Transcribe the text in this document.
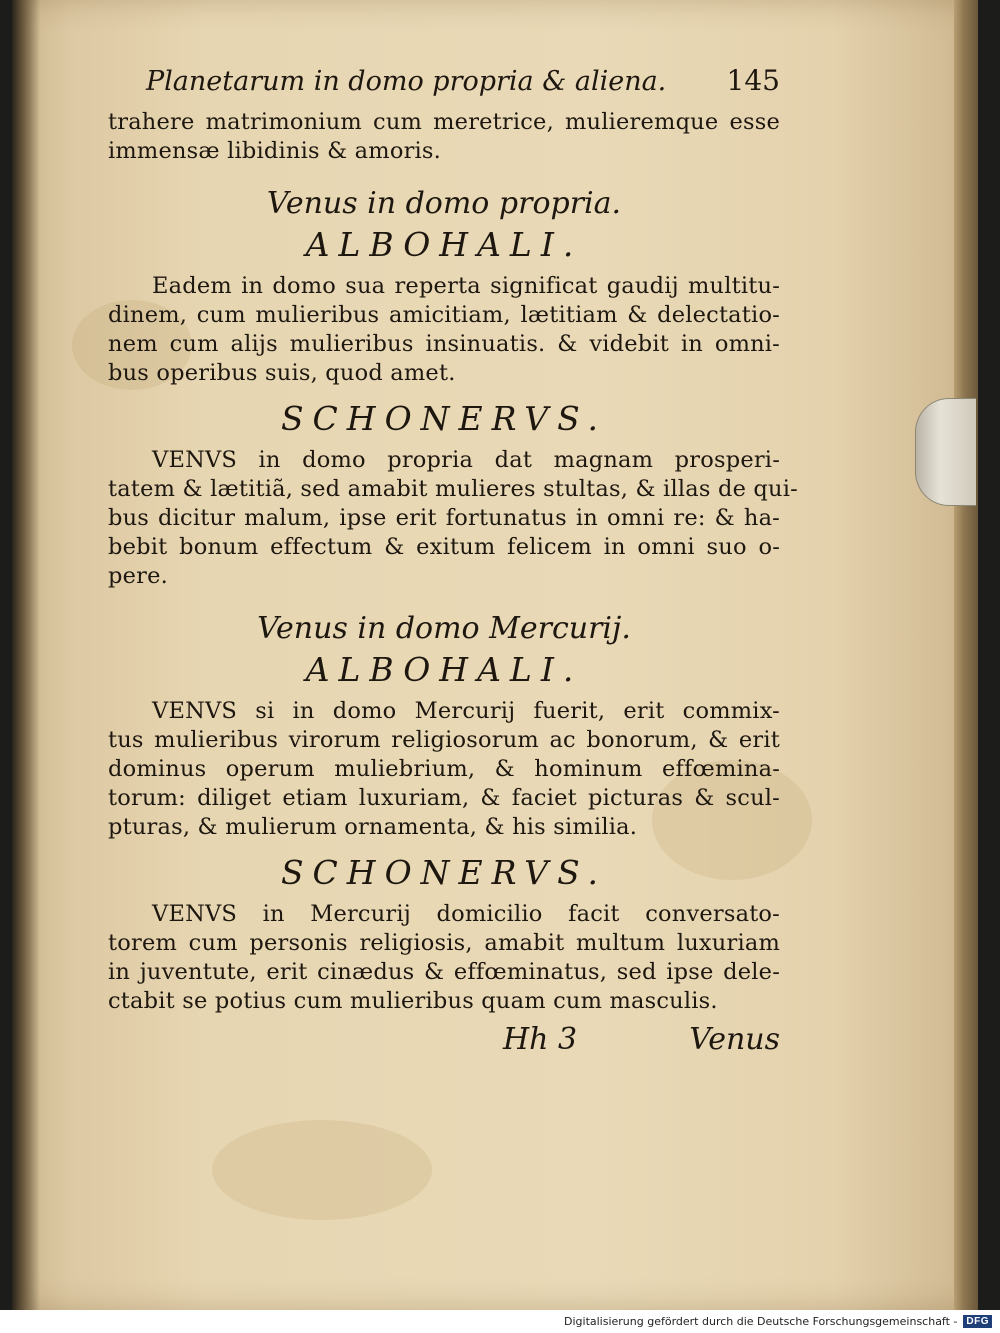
Planetarum in domo propria & aliena. 145
trahere matrimonium cum meretrice, mulieremque esse
immensæ libidinis & amoris.
Venus in domo propria.
ALBOHALI.
Eadem in domo sua reperta significat gaudij multitu-
dinem, cum mulieribus amicitiam, lætitiam & delectatio-
nem cum alijs mulieribus insinuatis. & videbit in omni-
bus operibus suis, quod amet.
SCHONERVS.
VENVS in domo propria dat magnam prosperi-
tatem & lætitiã, sed amabit mulieres stultas, & illas de qui-
bus dicitur malum, ipse erit fortunatus in omni re: & ha-
bebit bonum effectum & exitum felicem in omni suo o-
pere.
Venus in domo Mercurij.
ALBOHALI.
VENVS si in domo Mercurij fuerit, erit commix-
tus mulieribus virorum religiosorum ac bonorum, & erit
dominus operum muliebrium, & hominum effœmina-
torum: diliget etiam luxuriam, & faciet picturas & scul-
pturas, & mulierum ornamenta, & his similia.
SCHONERVS.
VENVS in Mercurij domicilio facit conversato-
torem cum personis religiosis, amabit multum luxuriam
in juventute, erit cinædus & effœminatus, sed ipse dele-
ctabit se potius cum mulieribus quam cum masculis.
Hh 3	Venus
Digitalisierung gefördert durch die Deutsche Forschungsgemeinschaft - DFG
